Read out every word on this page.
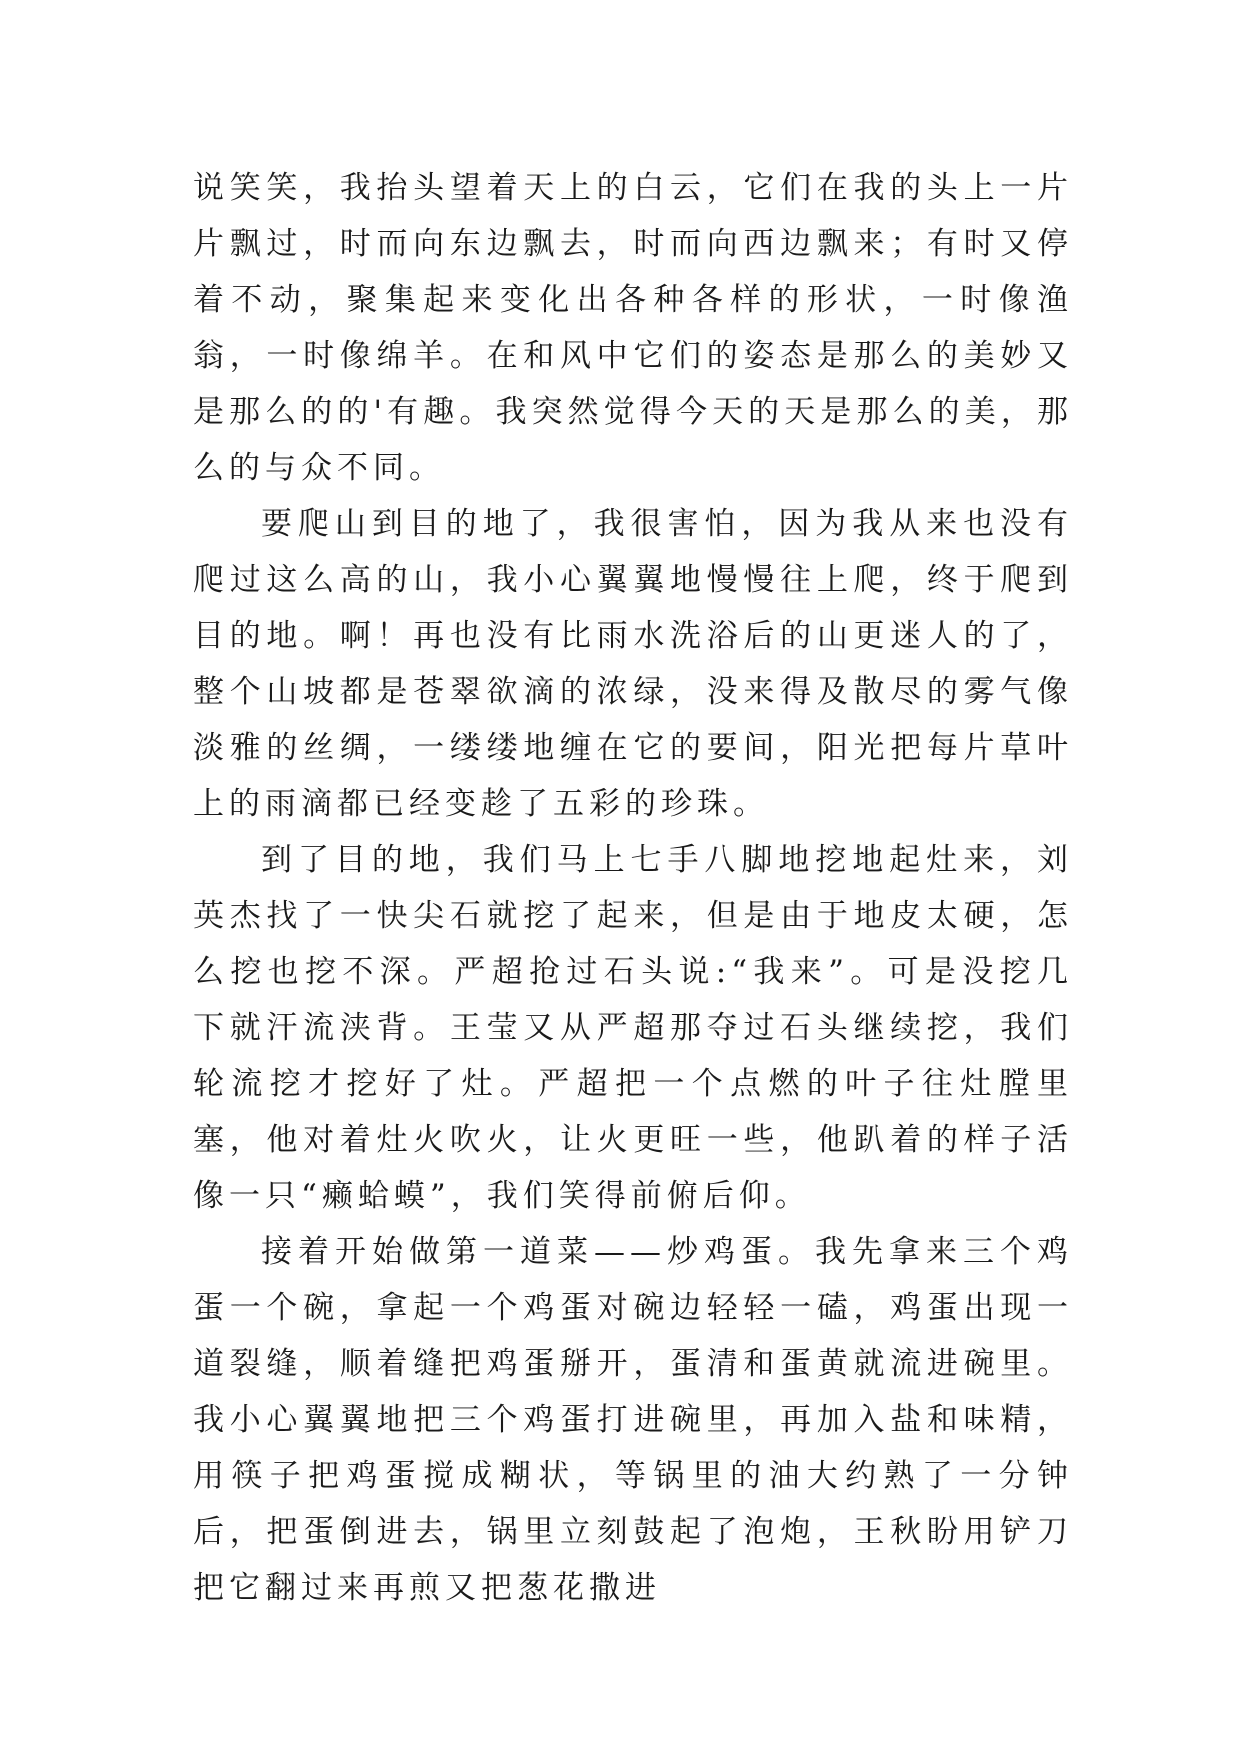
说笑笑，我抬头望着天上的白云，它们在我的头上一片片飘过，时而向东边飘去，时而向西边飘来；有时又停着不动，聚集起来变化出各种各样的形状，一时像渔翁，一时像绵羊。在和风中它们的姿态是那么的美妙又是那么的的'有趣。我突然觉得今天的天是那么的美，那么的与众不同。

要爬山到目的地了，我很害怕，因为我从来也没有爬过这么高的山，我小心翼翼地慢慢往上爬，终于爬到目的地。啊！再也没有比雨水洗浴后的山更迷人的了，整个山坡都是苍翠欲滴的浓绿，没来得及散尽的雾气像淡雅的丝绸，一缕缕地缠在它的要间，阳光把每片草叶上的雨滴都已经变趁了五彩的珍珠。

到了目的地，我们马上七手八脚地挖地起灶来，刘英杰找了一快尖石就挖了起来，但是由于地皮太硬，怎么挖也挖不深。严超抢过石头说:“我来”。可是没挖几下就汗流浃背。王莹又从严超那夺过石头继续挖，我们轮流挖才挖好了灶。严超把一个点燃的叶子往灶膛里塞，他对着灶火吹火，让火更旺一些，他趴着的样子活像一只“癞蛤蟆”，我们笑得前俯后仰。

接着开始做第一道菜——炒鸡蛋。我先拿来三个鸡蛋一个碗，拿起一个鸡蛋对碗边轻轻一磕，鸡蛋出现一道裂缝，顺着缝把鸡蛋掰开，蛋清和蛋黄就流进碗里。我小心翼翼地把三个鸡蛋打进碗里，再加入盐和味精，用筷子把鸡蛋搅成糊状，等锅里的油大约熟了一分钟后，把蛋倒进去，锅里立刻鼓起了泡炮，王秋盼用铲刀把它翻过来再煎又把葱花撒进
